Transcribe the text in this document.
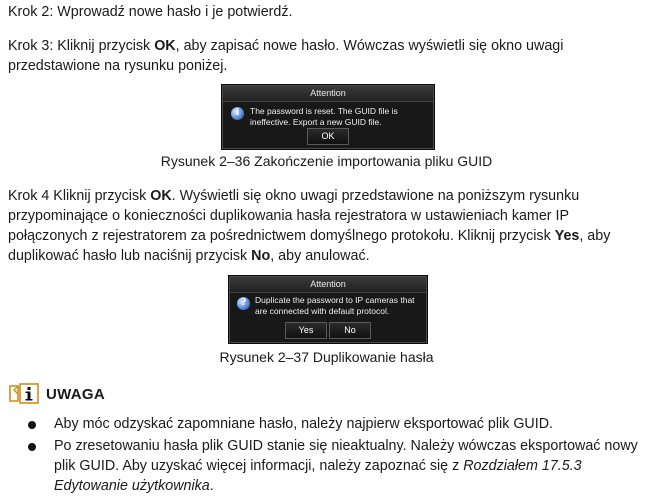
Krok 2: Wprowadź nowe hasło i je potwierdź.
Krok 3: Kliknij przycisk OK, aby zapisać nowe hasło. Wówczas wyświetli się okno uwagi przedstawione na rysunku poniżej.
Attention
i	The password is reset. The GUID file is ineffective. Export a new GUID file.
OK
Rysunek 2–36 Zakończenie importowania pliku GUID
Krok 4 Kliknij przycisk OK. Wyświetli się okno uwagi przedstawione na poniższym rysunku przypominające o konieczności duplikowania hasła rejestratora w ustawieniach kamer IP połączonych z rejestratorem za pośrednictwem domyślnego protokołu. Kliknij przycisk Yes, aby duplikować hasło lub naciśnij przycisk No, aby anulować.
Attention
?	Duplicate the password to IP cameras that are connected with default protocol.
Yes	No
Rysunek 2–37 Duplikowanie hasła
UWAGA
Aby móc odzyskać zapomniane hasło, należy najpierw eksportować plik GUID.
Po zresetowaniu hasła plik GUID stanie się nieaktualny. Należy wówczas eksportować nowy plik GUID. Aby uzyskać więcej informacji, należy zapoznać się z Rozdziałem 17.5.3 Edytowanie użytkownika.
